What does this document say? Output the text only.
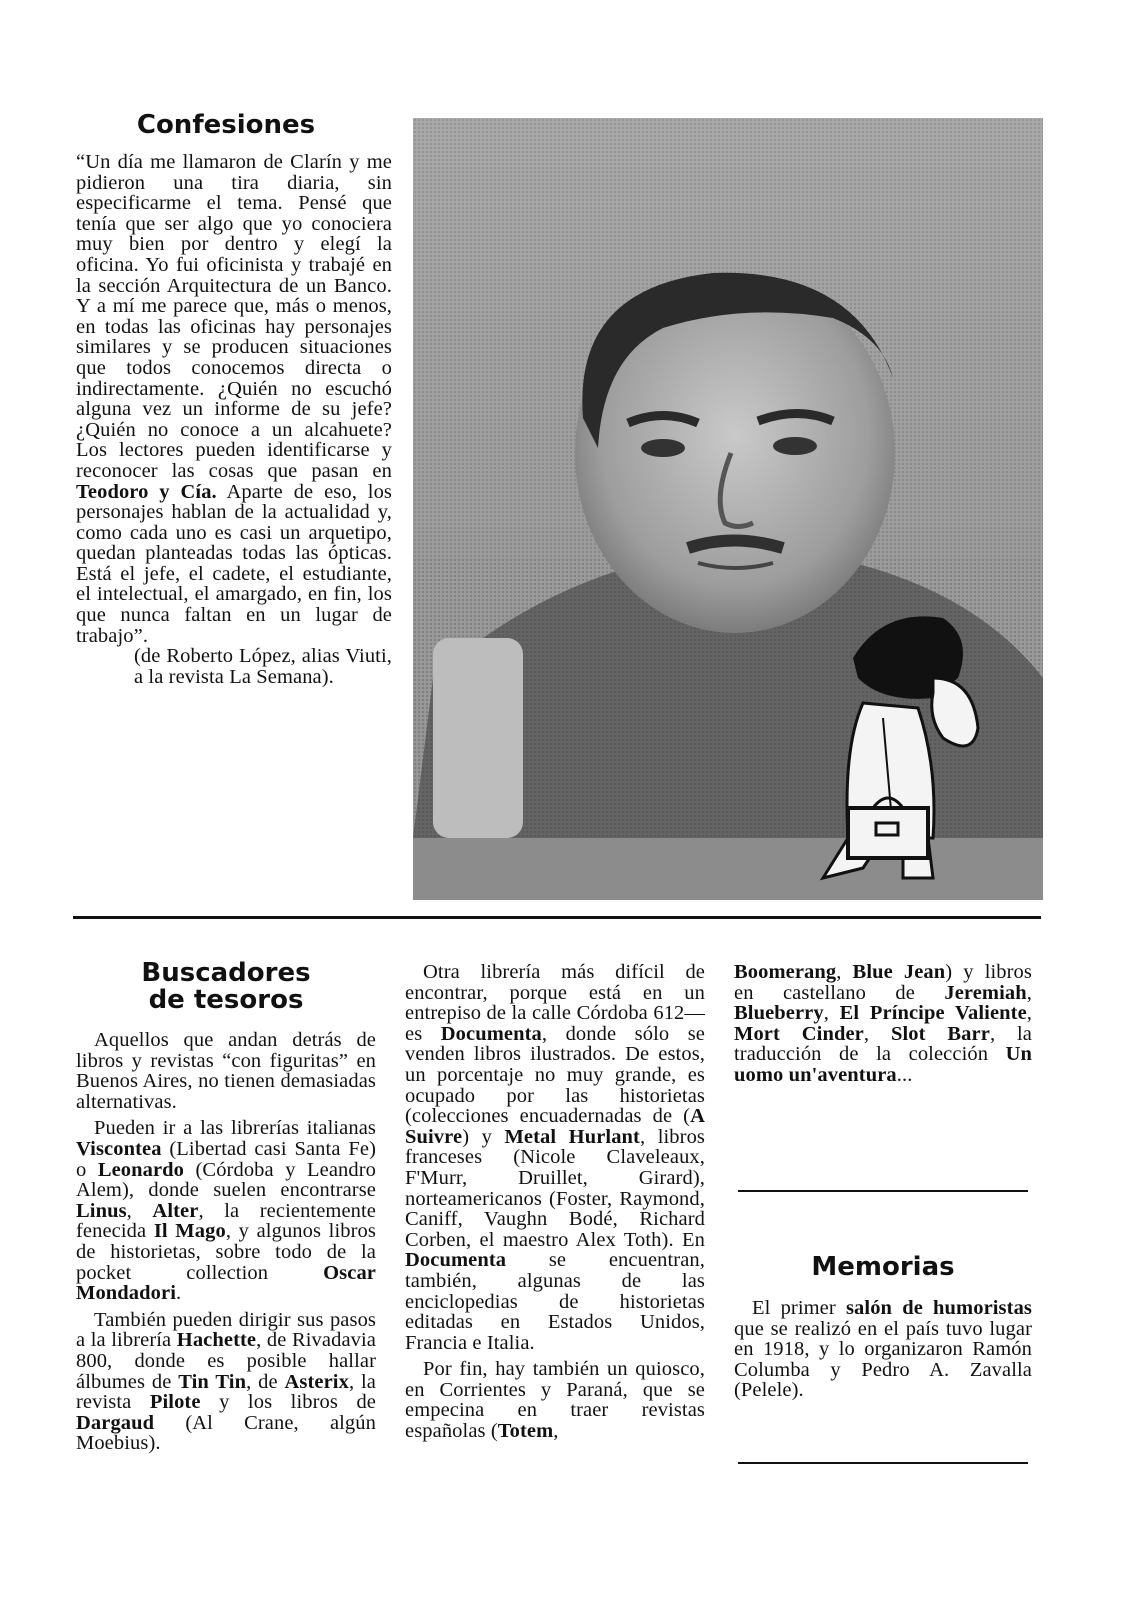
Confesiones

“Un día me llamaron de Clarín y me pidieron una tira diaria, sin especificarme el tema. Pensé que tenía que ser algo que yo conociera muy bien por dentro y elegí la oficina. Yo fui oficinista y trabajé en la sección Arquitectura de un Banco. Y a mí me parece que, más o menos, en todas las oficinas hay personajes similares y se producen situaciones que todos conocemos directa o indirectamente. ¿Quién no escuchó alguna vez un informe de su jefe? ¿Quién no conoce a un alcahuete? Los lectores pueden identificarse y reconocer las cosas que pasan en Teodoro y Cía. Aparte de eso, los personajes hablan de la actualidad y, como cada uno es casi un arquetipo, quedan planteadas todas las ópticas. Está el jefe, el cadete, el estudiante, el intelectual, el amargado, en fin, los que nunca faltan en un lugar de trabajo”.

(de Roberto López, alias Viuti, a la revista La Semana).

Buscadores
de tesoros

Aquellos que andan detrás de libros y revistas “con figuritas” en Buenos Aires, no tienen demasiadas alternativas.

Pueden ir a las librerías italianas Viscontea (Libertad casi Santa Fe) o Leonardo (Córdoba y Leandro Alem), donde suelen encontrarse Linus, Alter, la recientemente fenecida Il Mago, y algunos libros de historietas, sobre todo de la pocket collection Oscar Mondadori.

También pueden dirigir sus pasos a la librería Hachette, de Rivadavia 800, donde es posible hallar álbumes de Tin Tin, de Asterix, la revista Pilote y los libros de Dargaud (Al Crane, algún Moebius).

Otra librería más difícil de encontrar, porque está en un entrepiso de la calle Córdoba 612— es Documenta, donde sólo se venden libros ilustrados. De estos, un porcentaje no muy grande, es ocupado por las historietas (colecciones encuadernadas de (A Suivre) y Metal Hurlant, libros franceses (Nicole Claveleaux, F'Murr, Druillet, Girard), norteamericanos (Foster, Raymond, Caniff, Vaughn Bodé, Richard Corben, el maestro Alex Toth). En Documenta se encuentran, también, algunas de las enciclopedias de historietas editadas en Estados Unidos, Francia e Italia.

Por fin, hay también un quiosco, en Corrientes y Paraná, que se empecina en traer revistas españolas (Totem,

Boomerang, Blue Jean) y libros en castellano de Jeremiah, Blueberry, El Príncipe Valiente, Mort Cinder, Slot Barr, la traducción de la colección Un uomo un'aventura...

Memorias

El primer salón de humoristas que se realizó en el país tuvo lugar en 1918, y lo organizaron Ramón Columba y Pedro A. Zavalla (Pelele).
